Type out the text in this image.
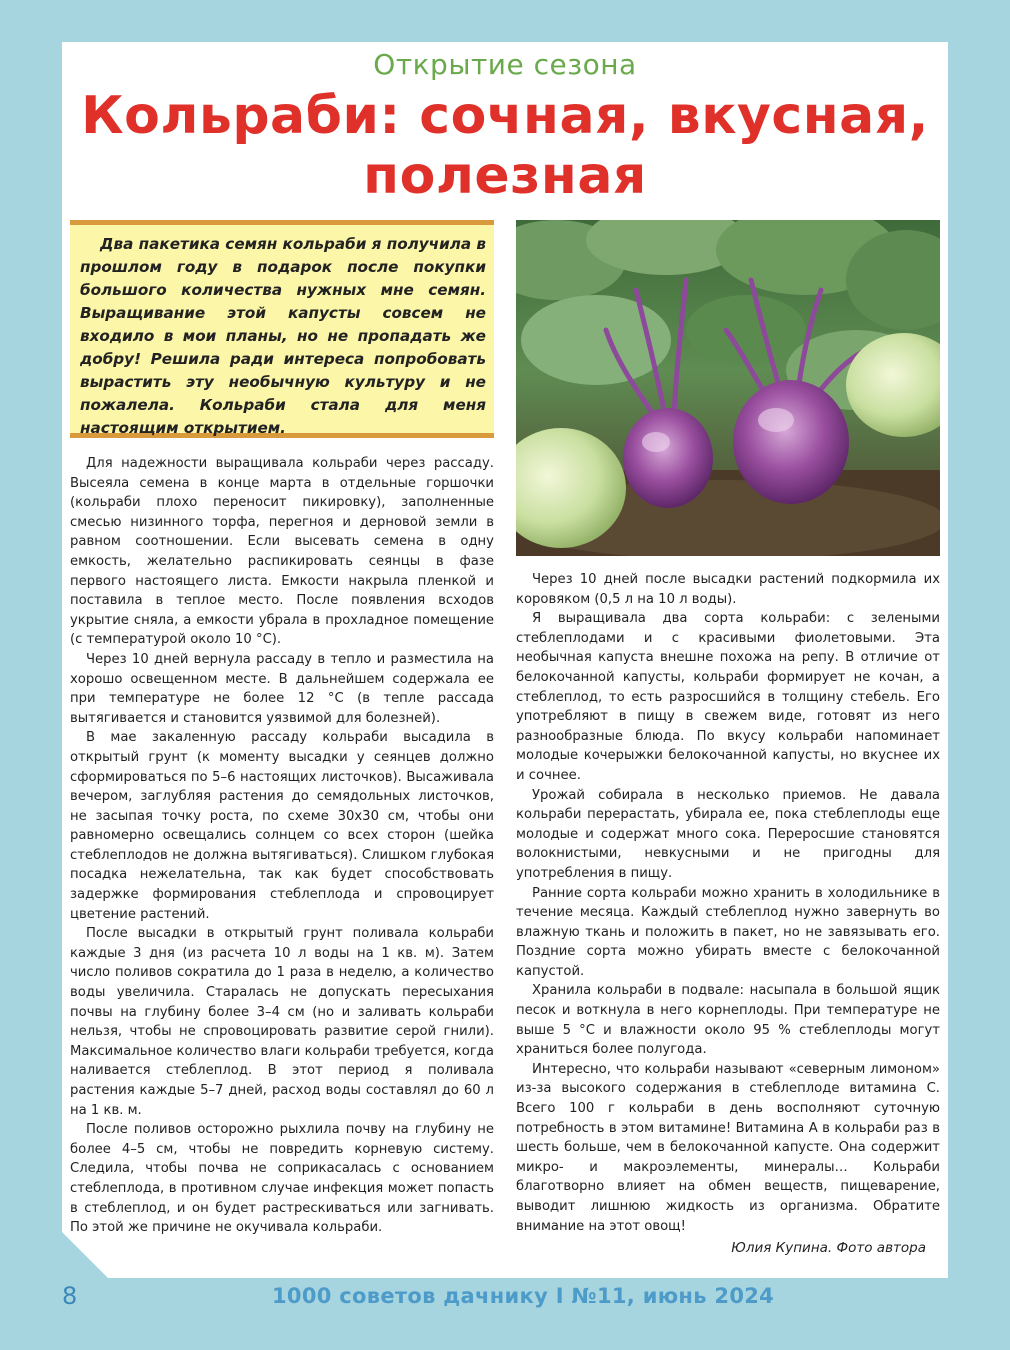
Открытие сезона
Кольраби: сочная, вкусная,
полезная

Два пакетика семян кольраби я получила в прошлом году в подарок после покупки большого количества нужных мне семян. Выращивание этой капусты совсем не входило в мои планы, но не пропадать же добру! Решила ради интереса попробовать вырастить эту необычную культуру и не пожалела. Кольраби стала для меня настоящим открытием.

Для надежности выращивала кольраби через рассаду. Высеяла семена в конце марта в отдельные горшочки (кольраби плохо переносит пикировку), заполненные смесью низинного торфа, перегноя и дерновой земли в равном соотношении. Если высевать семена в одну емкость, желательно распикировать сеянцы в фазе первого настоящего листа. Емкости накрыла пленкой и поставила в теплое место. После появления всходов укрытие сняла, а емкости убрала в прохладное помещение (с температурой около 10 °С).

Через 10 дней вернула рассаду в тепло и разместила на хорошо освещенном месте. В дальнейшем содержала ее при температуре не более 12 °С (в тепле рассада вытягивается и становится уязвимой для болезней).

В мае закаленную рассаду кольраби высадила в открытый грунт (к моменту высадки у сеянцев должно сформироваться по 5–6 настоящих листочков). Высаживала вечером, заглубляя растения до семядольных листочков, не засыпая точку роста, по схеме 30х30 см, чтобы они равномерно освещались солнцем со всех сторон (шейка стеблеплодов не должна вытягиваться). Слишком глубокая посадка нежелательна, так как будет способствовать задержке формирования стеблеплода и спровоцирует цветение растений.

После высадки в открытый грунт поливала кольраби каждые 3 дня (из расчета 10 л воды на 1 кв. м). Затем число поливов сократила до 1 раза в неделю, а количество воды увеличила. Старалась не допускать пересыхания почвы на глубину более 3–4 см (но и заливать кольраби нельзя, чтобы не спровоцировать развитие серой гнили). Максимальное количество влаги кольраби требуется, когда наливается стеблеплод. В этот период я поливала растения каждые 5–7 дней, расход воды составлял до 60 л на 1 кв. м.

После поливов осторожно рыхлила почву на глубину не более 4–5 см, чтобы не повредить корневую систему. Следила, чтобы почва не соприкасалась с основанием стеблеплода, в противном случае инфекция может попасть в стеблеплод, и он будет растрескиваться или загнивать. По этой же причине не окучивала кольраби.

Через 10 дней после высадки растений подкормила их коровяком (0,5 л на 10 л воды).

Я выращивала два сорта кольраби: с зелеными стеблеплодами и с красивыми фиолетовыми. Эта необычная капуста внешне похожа на репу. В отличие от белокочанной капусты, кольраби формирует не кочан, а стеблеплод, то есть разросшийся в толщину стебель. Его употребляют в пищу в свежем виде, готовят из него разнообразные блюда. По вкусу кольраби напоминает молодые кочерыжки белокочанной капусты, но вкуснее их и сочнее.

Урожай собирала в несколько приемов. Не давала кольраби перерастать, убирала ее, пока стеблеплоды еще молодые и содержат много сока. Переросшие становятся волокнистыми, невкусными и не пригодны для употребления в пищу.

Ранние сорта кольраби можно хранить в холодильнике в течение месяца. Каждый стеблеплод нужно завернуть во влажную ткань и положить в пакет, но не завязывать его. Поздние сорта можно убирать вместе с белокочанной капустой.

Хранила кольраби в подвале: насыпала в большой ящик песок и воткнула в него корнеплоды. При температуре не выше 5 °С и влажности около 95 % стеблеплоды могут храниться более полугода.

Интересно, что кольраби называют «северным лимоном» из-за высокого содержания в стеблеплоде витамина С. Всего 100 г кольраби в день восполняют суточную потребность в этом витамине! Витамина А в кольраби раз в шесть больше, чем в белокочанной капусте. Она содержит микро- и макроэлементы, минералы… Кольраби благотворно влияет на обмен веществ, пищеварение, выводит лишнюю жидкость из организма. Обратите внимание на этот овощ!

Юлия Купина. Фото автора
8	1000 советов дачнику I №11, июнь 2024
